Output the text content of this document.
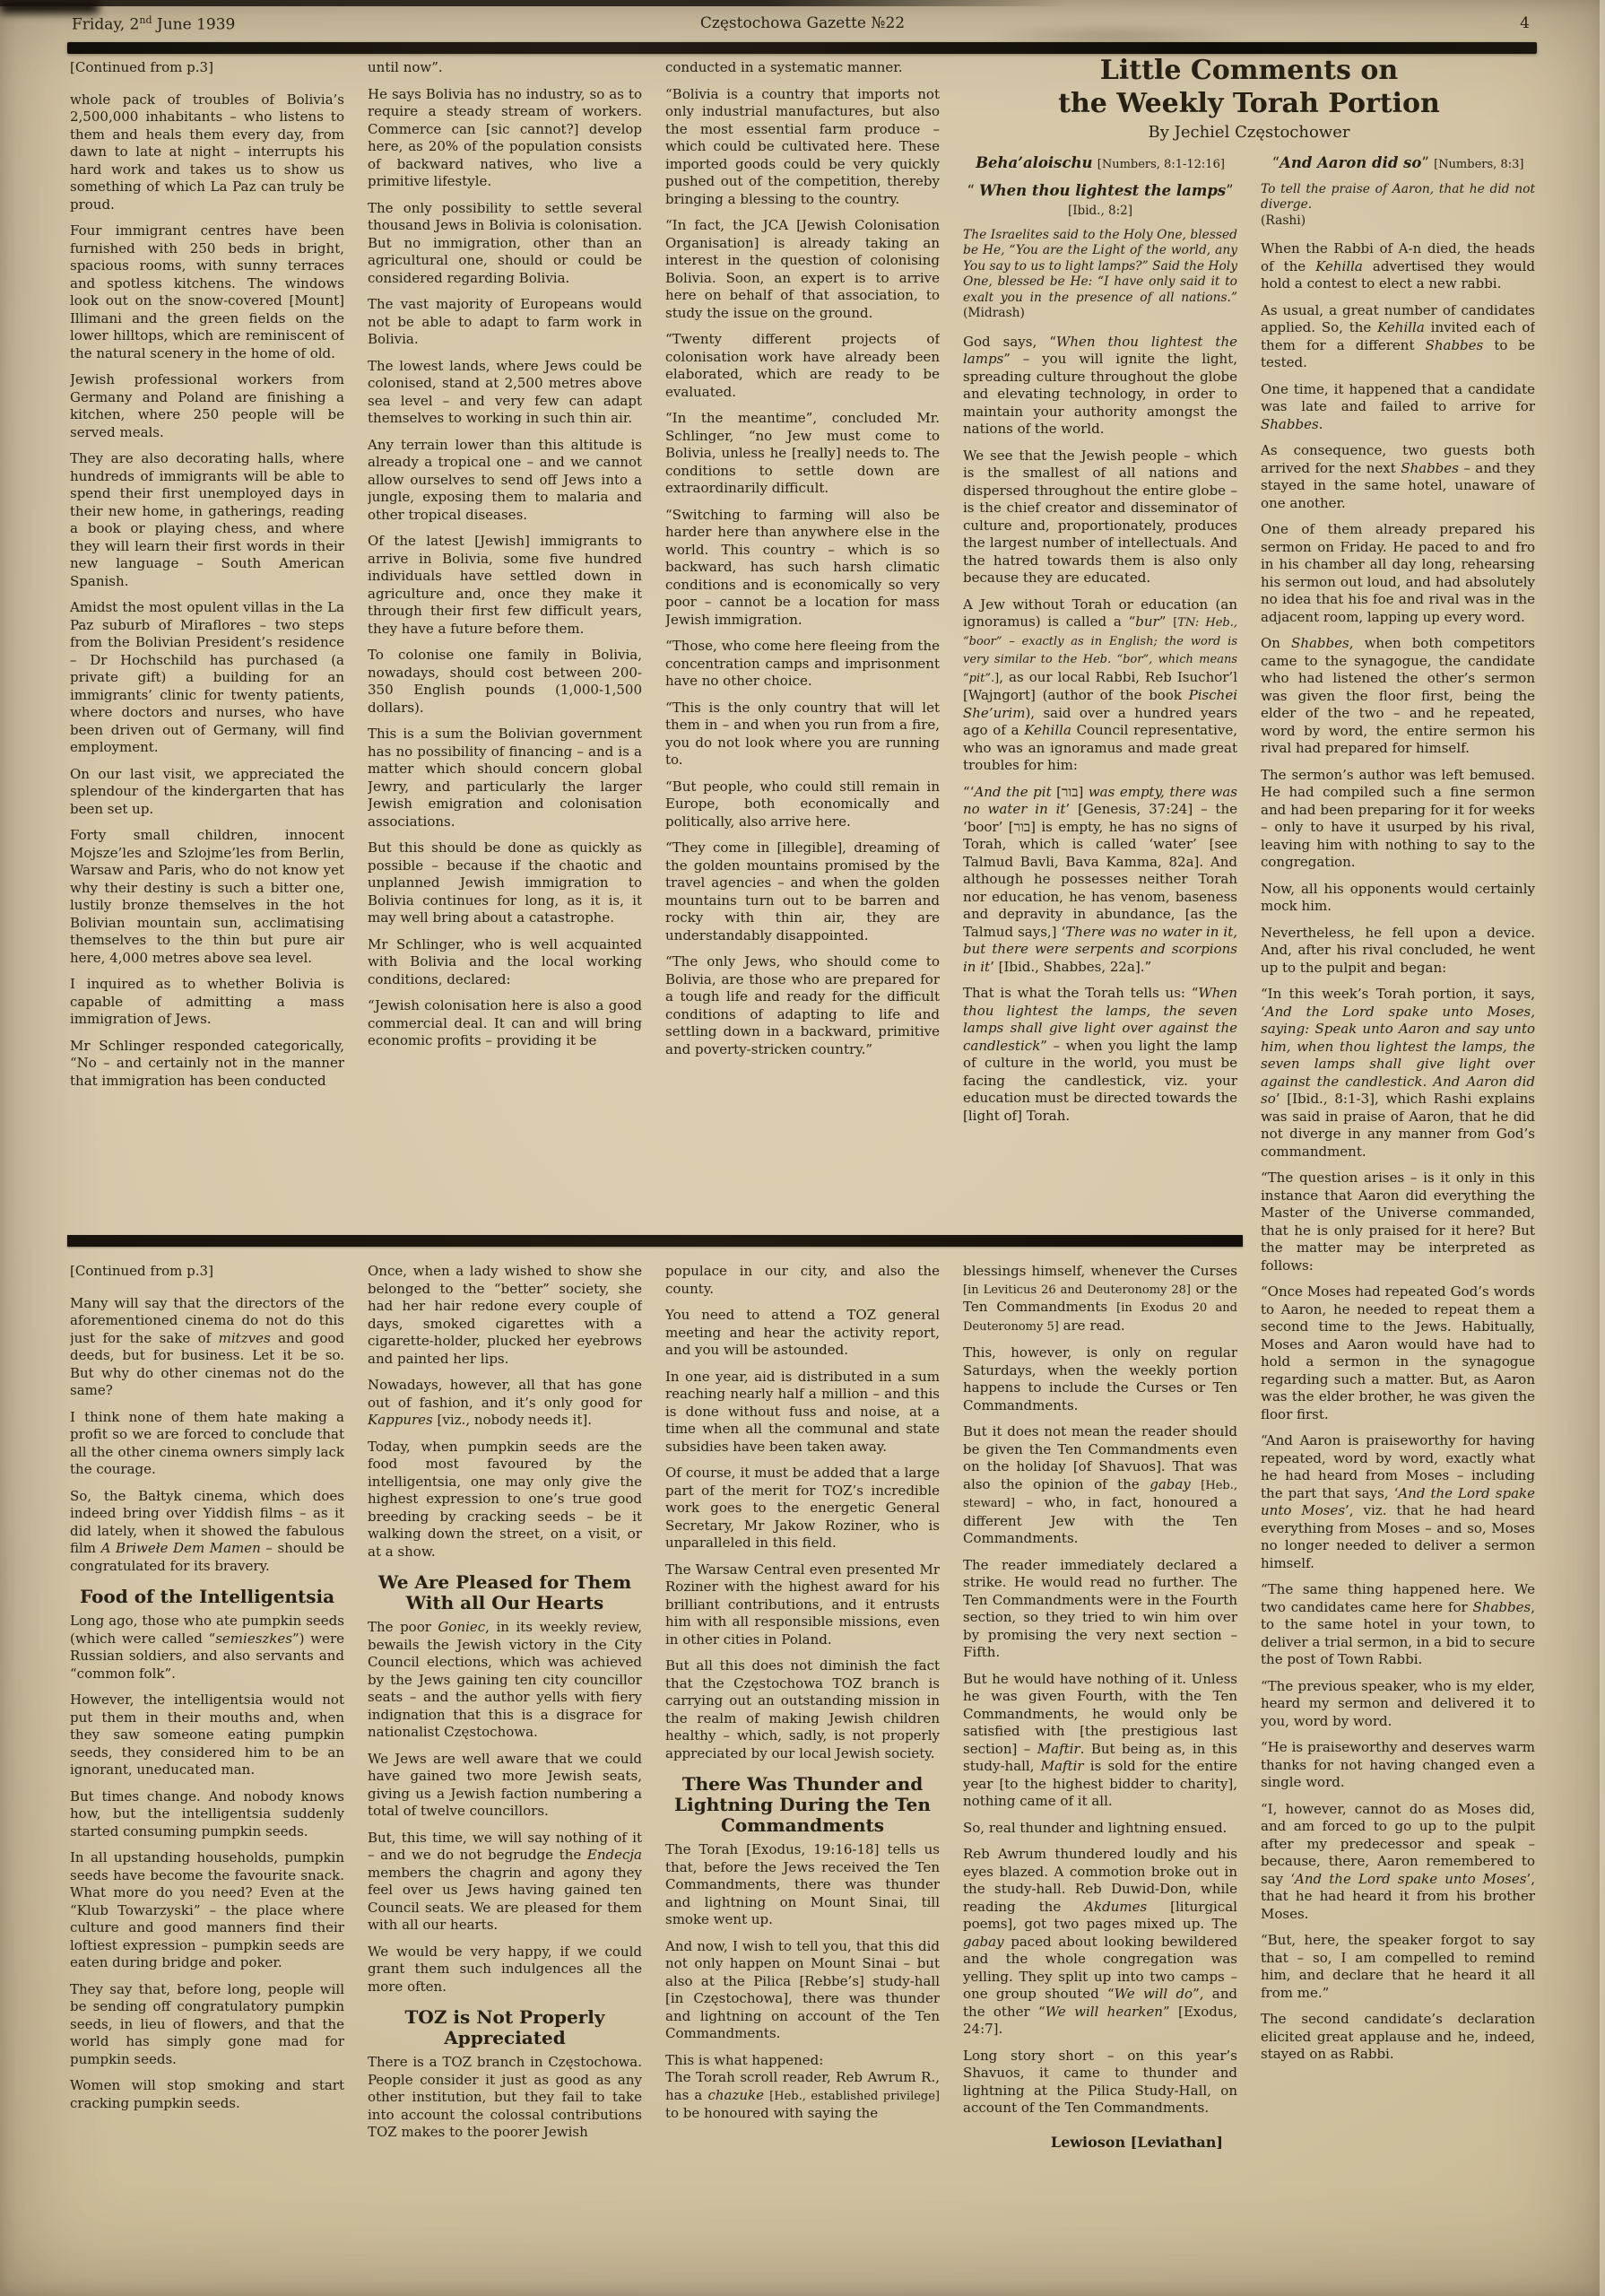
Friday, 2nd June 1939	Częstochowa Gazette №22	4

[Continued from p.3]

whole pack of troubles of Bolivia’s 2,500,000 inhabitants – who listens to them and heals them every day, from dawn to late at night – interrupts his hard work and takes us to show us something of which La Paz can truly be proud.

Four immigrant centres have been furnished with 250 beds in bright, spacious rooms, with sunny terraces and spotless kitchens. The windows look out on the snow-covered [Mount] Illimani and the green fields on the lower hilltops, which are reminiscent of the natural scenery in the home of old.

Jewish professional workers from Germany and Poland are finishing a kitchen, where 250 people will be served meals.

They are also decorating halls, where hundreds of immigrants will be able to spend their first unemployed days in their new home, in gatherings, reading a book or playing chess, and where they will learn their first words in their new language – South American Spanish.

Amidst the most opulent villas in the La Paz suburb of Miraflores – two steps from the Bolivian President’s residence – Dr Hochschild has purchased (a private gift) a building for an immigrants’ clinic for twenty patients, where doctors and nurses, who have been driven out of Germany, will find employment.

On our last visit, we appreciated the splendour of the kindergarten that has been set up.

Forty small children, innocent Mojsze’les and Szlojme’les from Berlin, Warsaw and Paris, who do not know yet why their destiny is such a bitter one, lustily bronze themselves in the hot Bolivian mountain sun, acclimatising themselves to the thin but pure air here, 4,000 metres above sea level.

I inquired as to whether Bolivia is capable of admitting a mass immigration of Jews.

Mr Schlinger responded categorically, “No – and certainly not in the manner that immigration has been conducted

until now”.

He says Bolivia has no industry, so as to require a steady stream of workers. Commerce can [sic cannot?] develop here, as 20% of the population consists of backward natives, who live a primitive lifestyle.

The only possibility to settle several thousand Jews in Bolivia is colonisation. But no immigration, other than an agricultural one, should or could be considered regarding Bolivia.

The vast majority of Europeans would not be able to adapt to farm work in Bolivia.

The lowest lands, where Jews could be colonised, stand at 2,500 metres above sea level – and very few can adapt themselves to working in such thin air.

Any terrain lower than this altitude is already a tropical one – and we cannot allow ourselves to send off Jews into a jungle, exposing them to malaria and other tropical diseases.

Of the latest [Jewish] immigrants to arrive in Bolivia, some five hundred individuals have settled down in agriculture and, once they make it through their first few difficult years, they have a future before them.

To colonise one family in Bolivia, nowadays, should cost between 200-350 English pounds (1,000-1,500 dollars).

This is a sum the Bolivian government has no possibility of financing – and is a matter which should concern global Jewry, and particularly the larger Jewish emigration and colonisation associations.

But this should be done as quickly as possible – because if the chaotic and unplanned Jewish immigration to Bolivia continues for long, as it is, it may well bring about a catastrophe.

Mr Schlinger, who is well acquainted with Bolivia and the local working conditions, declared:

“Jewish colonisation here is also a good commercial deal. It can and will bring economic profits – providing it be

conducted in a systematic manner.

“Bolivia is a country that imports not only industrial manufactures, but also the most essential farm produce – which could be cultivated here. These imported goods could be very quickly pushed out of the competition, thereby bringing a blessing to the country.

“In fact, the JCA [Jewish Colonisation Organisation] is already taking an interest in the question of colonising Bolivia. Soon, an expert is to arrive here on behalf of that association, to study the issue on the ground.

“Twenty different projects of colonisation work have already been elaborated, which are ready to be evaluated.

“In the meantime”, concluded Mr. Schlinger, “no Jew must come to Bolivia, unless he [really] needs to. The conditions to settle down are extraordinarily difficult.

“Switching to farming will also be harder here than anywhere else in the world. This country – which is so backward, has such harsh climatic conditions and is economically so very poor – cannot be a location for mass Jewish immigration.

“Those, who come here fleeing from the concentration camps and imprisonment have no other choice.

“This is the only country that will let them in – and when you run from a fire, you do not look where you are running to.

“But people, who could still remain in Europe, both economically and politically, also arrive here.

“They come in [illegible], dreaming of the golden mountains promised by the travel agencies – and when the golden mountains turn out to be barren and rocky with thin air, they are understandably disappointed.

“The only Jews, who should come to Bolivia, are those who are prepared for a tough life and ready for the difficult conditions of adapting to life and settling down in a backward, primitive and poverty-stricken country.”

Little Comments on
the Weekly Torah Portion
By Jechiel Częstochower
Beha’aloischu [Numbers, 8:1-12:16]
“ When thou lightest the lamps”
[Ibid., 8:2]
The Israelites said to the Holy One, blessed be He, “You are the Light of the world, any You say to us to light lamps?” Said the Holy One, blessed be He: “I have only said it to exalt you in the presence of all nations.” (Midrash)

God says, “When thou lightest the lamps” – you will ignite the light, spreading culture throughout the globe and elevating technology, in order to maintain your authority amongst the nations of the world.

We see that the Jewish people – which is the smallest of all nations and dispersed throughout the entire globe – is the chief creator and disseminator of culture and, proportionately, produces the largest number of intellectuals. And the hatred towards them is also only because they are educated.

A Jew without Torah or education (an ignoramus) is called a “bur” [TN: Heb., “boor” – exactly as in English; the word is very similar to the Heb. “bor”, which means “pit”.], as our local Rabbi, Reb Isuchor’l [Wajngort] (author of the book Pischei She’urim), said over a hundred years ago of a Kehilla Council representative, who was an ignoramus and made great troubles for him:

“‘And the pit [בור] was empty, there was no water in it’ [Genesis, 37:24] – the ‘boor’ [בור] is empty, he has no signs of Torah, which is called ‘water’ [see Talmud Bavli, Bava Kamma, 82a]. And although he possesses neither Torah nor education, he has venom, baseness and depravity in abundance, [as the Talmud says,] ‘There was no water in it, but there were serpents and scorpions in it’ [Ibid., Shabbes, 22a].”

That is what the Torah tells us: “When thou lightest the lamps, the seven lamps shall give light over against the candlestick” – when you light the lamp of culture in the world, you must be facing the candlestick, viz. your education must be directed towards the [light of] Torah.

“And Aaron did so” [Numbers, 8:3]
To tell the praise of Aaron, that he did not diverge.
(Rashi)

When the Rabbi of A-n died, the heads of the Kehilla advertised they would hold a contest to elect a new rabbi.

As usual, a great number of candidates applied. So, the Kehilla invited each of them for a different Shabbes to be tested.

One time, it happened that a candidate was late and failed to arrive for Shabbes.

As consequence, two guests both arrived for the next Shabbes – and they stayed in the same hotel, unaware of one another.

One of them already prepared his sermon on Friday. He paced to and fro in his chamber all day long, rehearsing his sermon out loud, and had absolutely no idea that his foe and rival was in the adjacent room, lapping up every word.

On Shabbes, when both competitors came to the synagogue, the candidate who had listened the other’s sermon was given the floor first, being the elder of the two – and he repeated, word by word, the entire sermon his rival had prepared for himself.

The sermon’s author was left bemused. He had compiled such a fine sermon and had been preparing for it for weeks – only to have it usurped by his rival, leaving him with nothing to say to the congregation.

Now, all his opponents would certainly mock him.

Nevertheless, he fell upon a device. And, after his rival concluded, he went up to the pulpit and began:

“In this week’s Torah portion, it says, ‘And the Lord spake unto Moses, saying: Speak unto Aaron and say unto him, when thou lightest the lamps, the seven lamps shall give light over against the candlestick. And Aaron did so’ [Ibid., 8:1-3], which Rashi explains was said in praise of Aaron, that he did not diverge in any manner from God’s commandment.

“The question arises – is it only in this instance that Aaron did everything the Master of the Universe commanded, that he is only praised for it here? But the matter may be interpreted as follows:

“Once Moses had repeated God’s words to Aaron, he needed to repeat them a second time to the Jews. Habitually, Moses and Aaron would have had to hold a sermon in the synagogue regarding such a matter. But, as Aaron was the elder brother, he was given the floor first.

“And Aaron is praiseworthy for having repeated, word by word, exactly what he had heard from Moses – including the part that says, ‘And the Lord spake unto Moses’, viz. that he had heard everything from Moses – and so, Moses no longer needed to deliver a sermon himself.

“The same thing happened here. We two candidates came here for Shabbes, to the same hotel in your town, to deliver a trial sermon, in a bid to secure the post of Town Rabbi.

“The previous speaker, who is my elder, heard my sermon and delivered it to you, word by word.

“He is praiseworthy and deserves warm thanks for not having changed even a single word.

“I, however, cannot do as Moses did, and am forced to go up to the pulpit after my predecessor and speak – because, there, Aaron remembered to say ‘And the Lord spake unto Moses’, that he had heard it from his brother Moses.

“But, here, the speaker forgot to say that – so, I am compelled to remind him, and declare that he heard it all from me.”

The second candidate’s declaration elicited great applause and he, indeed, stayed on as Rabbi.

[Continued from p.3]

Many will say that the directors of the aforementioned cinema do not do this just for the sake of mitzves and good deeds, but for business. Let it be so. But why do other cinemas not do the same?

I think none of them hate making a profit so we are forced to conclude that all the other cinema owners simply lack the courage.

So, the Bałtyk cinema, which does indeed bring over Yiddish films – as it did lately, when it showed the fabulous film A Briwełe Dem Mamen – should be congratulated for its bravery.

Food of the Intelligentsia

Long ago, those who ate pumpkin seeds (which were called “semieszkes”) were Russian soldiers, and also servants and “common folk”.

However, the intelligentsia would not put them in their mouths and, when they saw someone eating pumpkin seeds, they considered him to be an ignorant, uneducated man.

But times change. And nobody knows how, but the intelligentsia suddenly started consuming pumpkin seeds.

In all upstanding households, pumpkin seeds have become the favourite snack. What more do you need? Even at the “Klub Towarzyski” – the place where culture and good manners find their loftiest expression – pumpkin seeds are eaten during bridge and poker.

They say that, before long, people will be sending off congratulatory pumpkin seeds, in lieu of flowers, and that the world has simply gone mad for pumpkin seeds.

Women will stop smoking and start cracking pumpkin seeds.

Once, when a lady wished to show she belonged to the “better” society, she had her hair redone every couple of days, smoked cigarettes with a cigarette-holder, plucked her eyebrows and painted her lips.

Nowadays, however, all that has gone out of fashion, and it’s only good for Kappures [viz., nobody needs it].

Today, when pumpkin seeds are the food most favoured by the intelligentsia, one may only give the highest expression to one’s true good breeding by cracking seeds – be it walking down the street, on a visit, or at a show.

We Are Pleased for Them
With all Our Hearts

The poor Goniec, in its weekly review, bewails the Jewish victory in the City Council elections, which was achieved by the Jews gaining ten city councillor seats – and the author yells with fiery indignation that this is a disgrace for nationalist Częstochowa.

We Jews are well aware that we could have gained two more Jewish seats, giving us a Jewish faction numbering a total of twelve councillors.

But, this time, we will say nothing of it – and we do not begrudge the Endecja members the chagrin and agony they feel over us Jews having gained ten Council seats. We are pleased for them with all our hearts.

We would be very happy, if we could grant them such indulgences all the more often.

TOZ is Not Properly
Appreciated

There is a TOZ branch in Częstochowa. People consider it just as good as any other institution, but they fail to take into account the colossal contributions TOZ makes to the poorer Jewish

populace in our city, and also the county.

You need to attend a TOZ general meeting and hear the activity report, and you will be astounded.

In one year, aid is distributed in a sum reaching nearly half a million – and this is done without fuss and noise, at a time when all the communal and state subsidies have been taken away.

Of course, it must be added that a large part of the merit for TOZ’s incredible work goes to the energetic General Secretary, Mr Jakow Roziner, who is unparalleled in this field.

The Warsaw Central even presented Mr Roziner with the highest award for his brilliant contributions, and it entrusts him with all responsible missions, even in other cities in Poland.

But all this does not diminish the fact that the Częstochowa TOZ branch is carrying out an outstanding mission in the realm of making Jewish children healthy – which, sadly, is not properly appreciated by our local Jewish society.

There Was Thunder and
Lightning During the Ten
Commandments

The Torah [Exodus, 19:16-18] tells us that, before the Jews received the Ten Commandments, there was thunder and lightning on Mount Sinai, till smoke went up.

And now, I wish to tell you, that this did not only happen on Mount Sinai – but also at the Pilica [Rebbe’s] study-hall [in Częstochowa], there was thunder and lightning on account of the Ten Commandments.

This is what happened:
The Torah scroll reader, Reb Awrum R., has a chazuke [Heb., established privilege] to be honoured with saying the

blessings himself, whenever the Curses [in Leviticus 26 and Deuteronomy 28] or the Ten Commandments [in Exodus 20 and Deuteronomy 5] are read.

This, however, is only on regular Saturdays, when the weekly portion happens to include the Curses or Ten Commandments.

But it does not mean the reader should be given the Ten Commandments even on the holiday [of Shavuos]. That was also the opinion of the gabay [Heb., steward] – who, in fact, honoured a different Jew with the Ten Commandments.

The reader immediately declared a strike. He would read no further. The Ten Commandments were in the Fourth section, so they tried to win him over by promising the very next section – Fifth.

But he would have nothing of it. Unless he was given Fourth, with the Ten Commandments, he would only be satisfied with [the prestigious last section] – Maftir. But being as, in this study-hall, Maftir is sold for the entire year [to the highest bidder to charity], nothing came of it all.

So, real thunder and lightning ensued.

Reb Awrum thundered loudly and his eyes blazed. A commotion broke out in the study-hall. Reb Duwid-Don, while reading the Akdumes [liturgical poems], got two pages mixed up. The gabay paced about looking bewildered and the whole congregation was yelling. They split up into two camps – one group shouted “We will do”, and the other “We will hearken” [Exodus, 24:7].

Long story short – on this year’s Shavuos, it came to thunder and lightning at the Pilica Study-Hall, on account of the Ten Commandments.

Lewioson [Leviathan]
